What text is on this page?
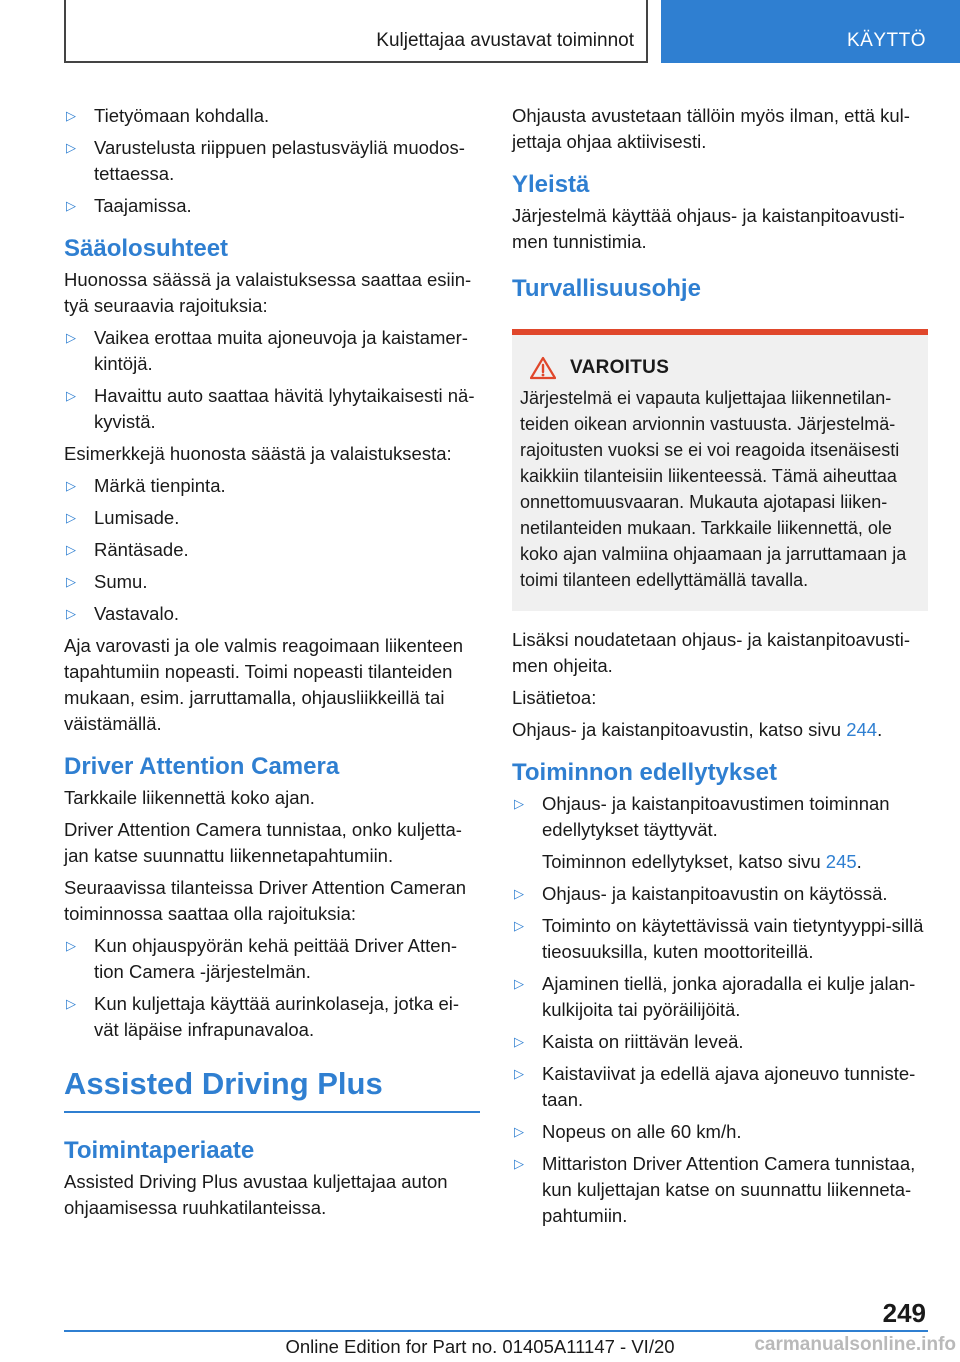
Kuljettajaa avustavat toiminnot	KÄYTTÖ
▷ Tietyömaan kohdalla.
▷ Varustelusta riippuen pelastusväyliä muodos-tettaessa.
▷ Taajamissa.
Sääolosuhteet

Huonossa säässä ja valaistuksessa saattaa esiin-tyä seuraavia rajoituksia:

▷ Vaikea erottaa muita ajoneuvoja ja kaistamer-kintöjä.
▷ Havaittu auto saattaa hävitä lyhytaikaisesti nä-kyvistä.

Esimerkkejä huonosta säästä ja valaistuksesta:

▷ Märkä tienpinta.
▷ Lumisade.
▷ Räntäsade.
▷ Sumu.
▷ Vastavalo.

Aja varovasti ja ole valmis reagoimaan liikenteen tapahtumiin nopeasti. Toimi nopeasti tilanteiden mukaan, esim. jarruttamalla, ohjausliikkeillä tai väistämällä.

Driver Attention Camera

Tarkkaile liikennettä koko ajan.

Driver Attention Camera tunnistaa, onko kuljetta-jan katse suunnattu liikennetapahtumiin.

Seuraavissa tilanteissa Driver Attention Cameran toiminnossa saattaa olla rajoituksia:

▷ Kun ohjauspyörän kehä peittää Driver Atten-tion Camera -järjestelmän.
▷ Kun kuljettaja käyttää aurinkolaseja, jotka ei-vät läpäise infrapunavaloa.
Assisted Driving Plus
Toimintaperiaate

Assisted Driving Plus avustaa kuljettajaa auton ohjaamisessa ruuhkatilanteissa.

Ohjausta avustetaan tällöin myös ilman, että kul-jettaja ohjaa aktiivisesti.

Yleistä

Järjestelmä käyttää ohjaus- ja kaistanpitoavusti-men tunnistimia.

Turvallisuusohje
VAROITUS
Järjestelmä ei vapauta kuljettajaa liikennetilan-teiden oikean arvionnin vastuusta. Järjestelmä-rajoitusten vuoksi se ei voi reagoida itsenäisesti kaikkiin tilanteisiin liikenteessä. Tämä aiheuttaa onnettomuusvaaran. Mukauta ajotapasi liiken-netilanteiden mukaan. Tarkkaile liikennettä, ole koko ajan valmiina ohjaamaan ja jarruttamaan ja toimi tilanteen edellyttämällä tavalla.

Lisäksi noudatetaan ohjaus- ja kaistanpitoavusti-men ohjeita.

Lisätietoa:

Ohjaus- ja kaistanpitoavustin, katso sivu 244.

Toiminnon edellytykset
▷ Ohjaus- ja kaistanpitoavustimen toiminnan edellytykset täyttyvät.
Toiminnon edellytykset, katso sivu 245.
▷ Ohjaus- ja kaistanpitoavustin on käytössä.
▷ Toiminto on käytettävissä vain tietyntyyppi-sillä tieosuuksilla, kuten moottoriteillä.
▷ Ajaminen tiellä, jonka ajoradalla ei kulje jalan-kulkijoita tai pyöräilijöitä.
▷ Kaista on riittävän leveä.
▷ Kaistaviivat ja edellä ajava ajoneuvo tunniste-taan.
▷ Nopeus on alle 60 km/h.
▷ Mittariston Driver Attention Camera tunnistaa, kun kuljettajan katse on suunnattu liikenneta-pahtumiin.
249
Online Edition for Part no. 01405A11147 - VI/20	carmanualsonline.info
